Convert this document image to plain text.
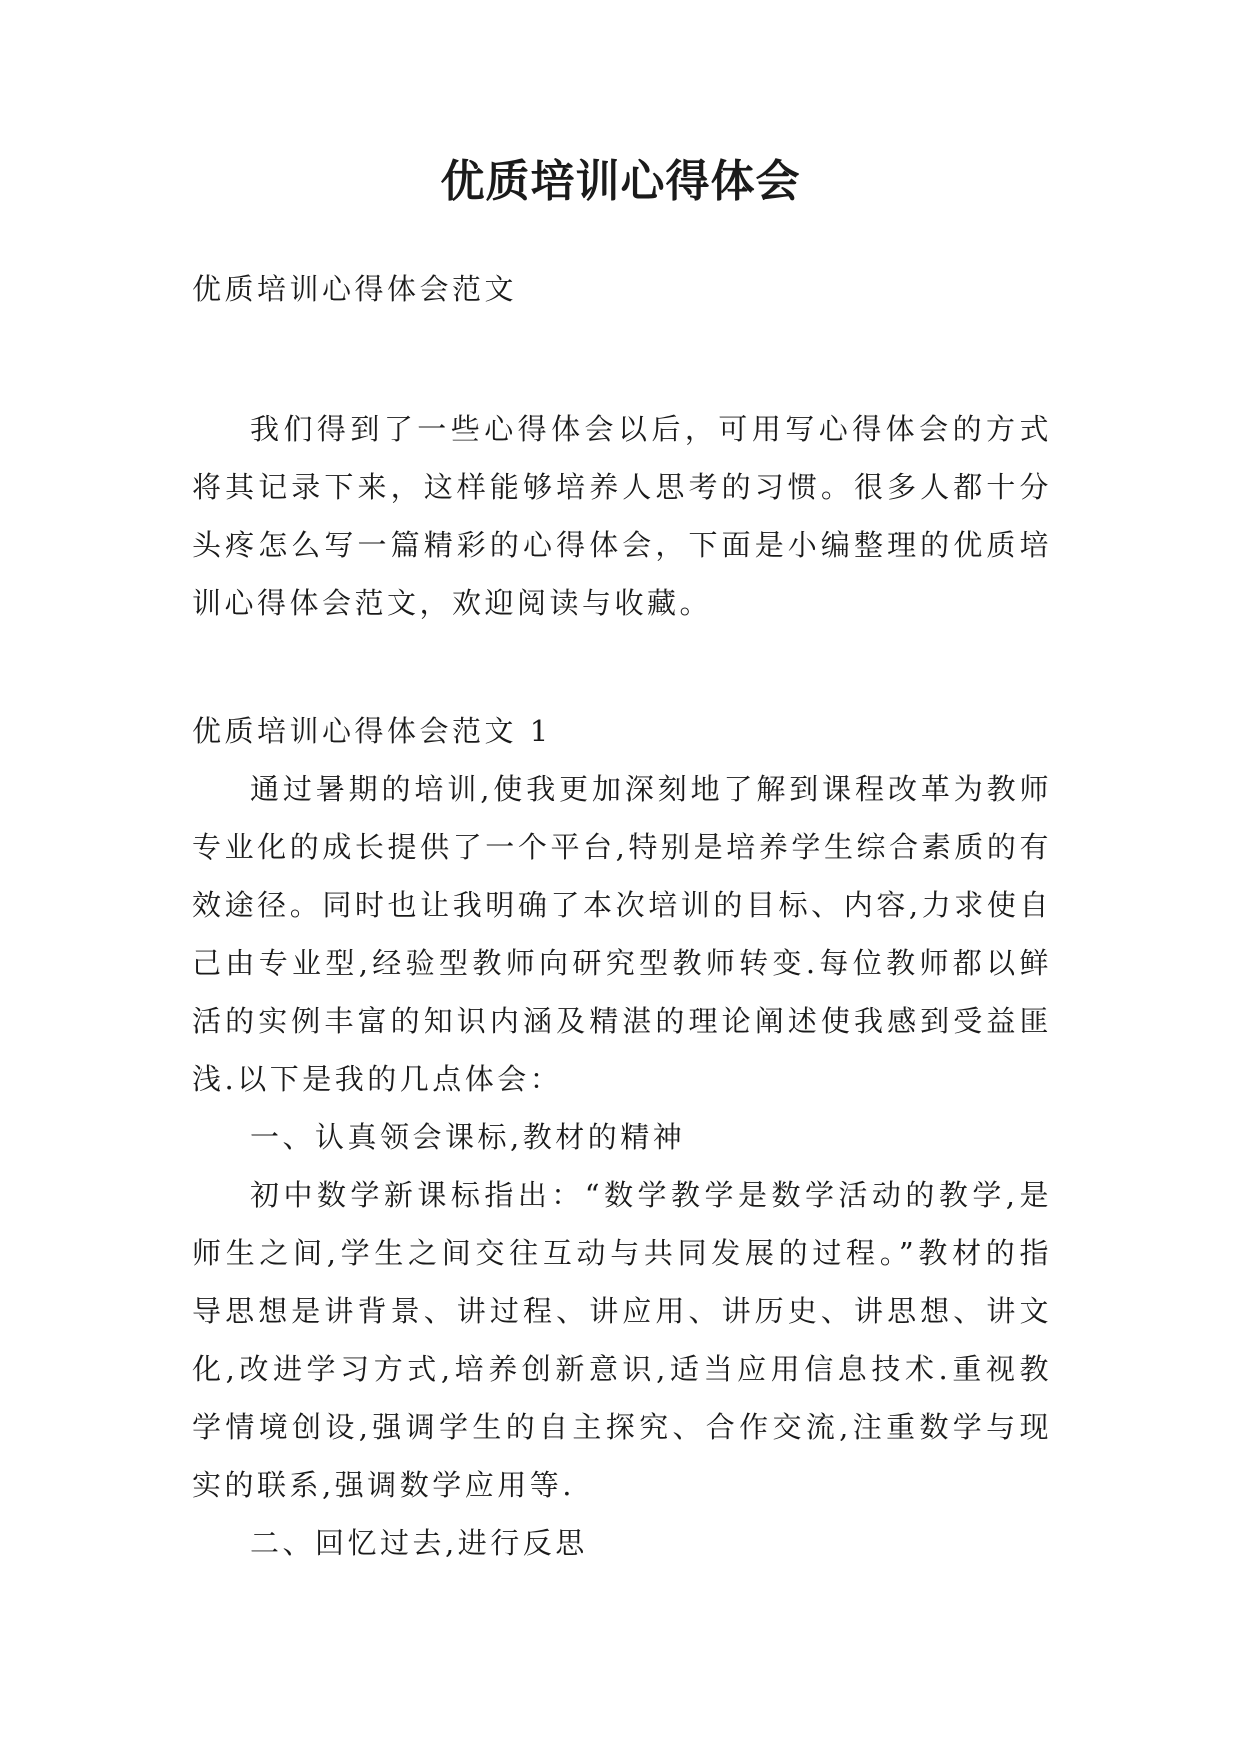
优质培训心得体会

优质培训心得体会范文

我们得到了一些心得体会以后，可用写心得体会的方式将其记录下来，这样能够培养人思考的习惯。很多人都十分头疼怎么写一篇精彩的心得体会，下面是小编整理的优质培训心得体会范文，欢迎阅读与收藏。

优质培训心得体会范文 1

通过暑期的培训,使我更加深刻地了解到课程改革为教师专业化的成长提供了一个平台,特别是培养学生综合素质的有效途径。同时也让我明确了本次培训的目标、内容,力求使自己由专业型,经验型教师向研究型教师转变.每位教师都以鲜活的实例丰富的知识内涵及精湛的理论阐述使我感到受益匪浅.以下是我的几点体会：

一、认真领会课标,教材的精神

初中数学新课标指出：“数学教学是数学活动的教学,是师生之间,学生之间交往互动与共同发展的过程。”教材的指导思想是讲背景、讲过程、讲应用、讲历史、讲思想、讲文化,改进学习方式,培养创新意识,适当应用信息技术.重视教学情境创设,强调学生的自主探究、合作交流,注重数学与现实的联系,强调数学应用等.

二、回忆过去,进行反思
